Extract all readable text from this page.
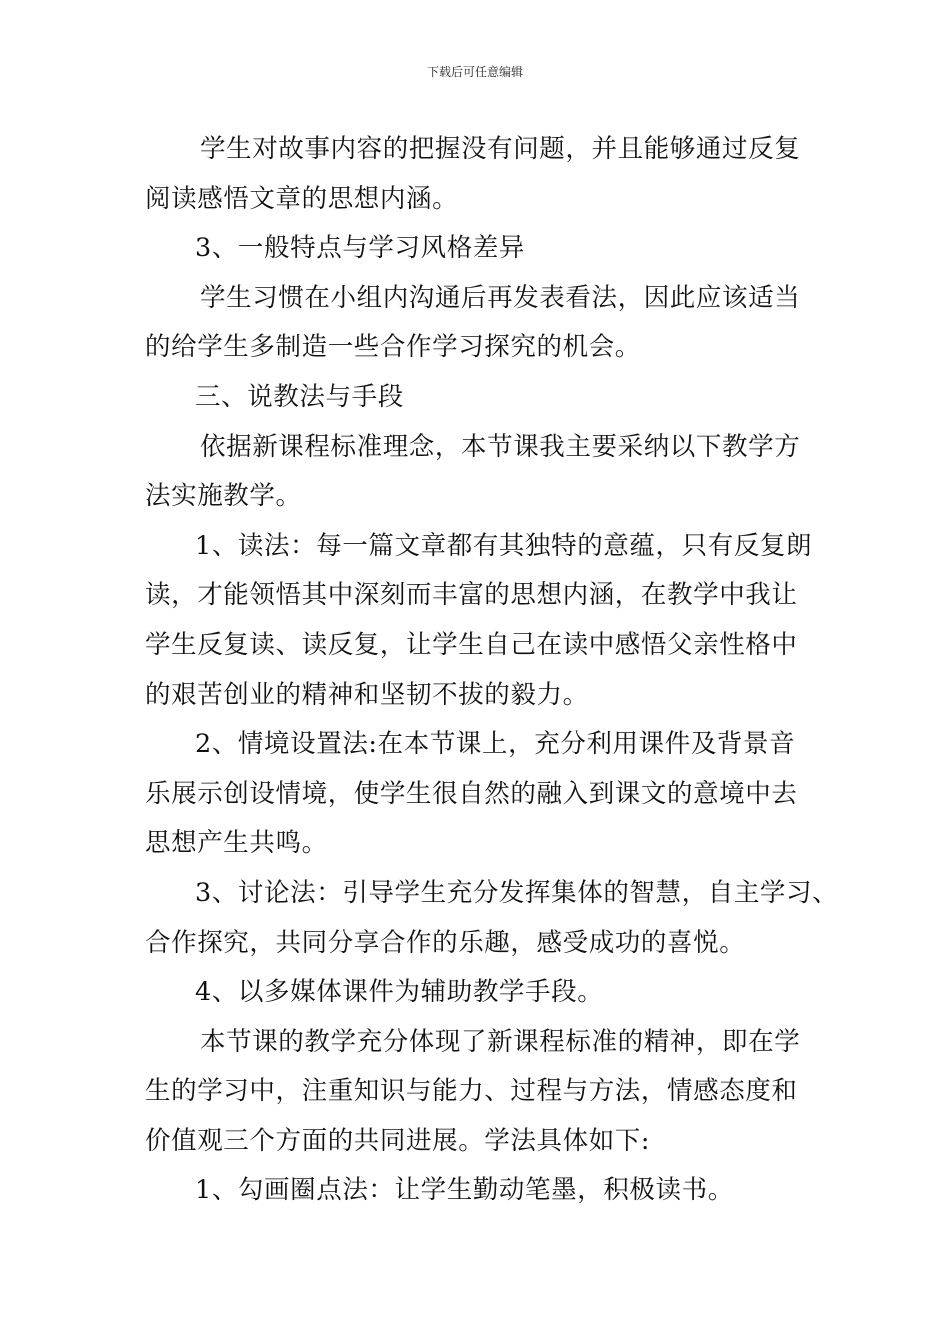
下载后可任意编辑
学生对故事内容的把握没有问题，并且能够通过反复
阅读感悟文章的思想内涵。
3、一般特点与学习风格差异
学生习惯在小组内沟通后再发表看法，因此应该适当
的给学生多制造一些合作学习探究的机会。
三、说教法与手段
依据新课程标准理念，本节课我主要采纳以下教学方
法实施教学。
1、读法：每一篇文章都有其独特的意蕴，只有反复朗
读，才能领悟其中深刻而丰富的思想内涵，在教学中我让
学生反复读、读反复，让学生自己在读中感悟父亲性格中
的艰苦创业的精神和坚韧不拔的毅力。
2、情境设置法:在本节课上，充分利用课件及背景音
乐展示创设情境，使学生很自然的融入到课文的意境中去
思想产生共鸣。
3、讨论法：引导学生充分发挥集体的智慧，自主学习、
合作探究，共同分享合作的乐趣，感受成功的喜悦。
4、以多媒体课件为辅助教学手段。
本节课的教学充分体现了新课程标准的精神，即在学
生的学习中，注重知识与能力、过程与方法，情感态度和
价值观三个方面的共同进展。学法具体如下:
1、勾画圈点法：让学生勤动笔墨，积极读书。
